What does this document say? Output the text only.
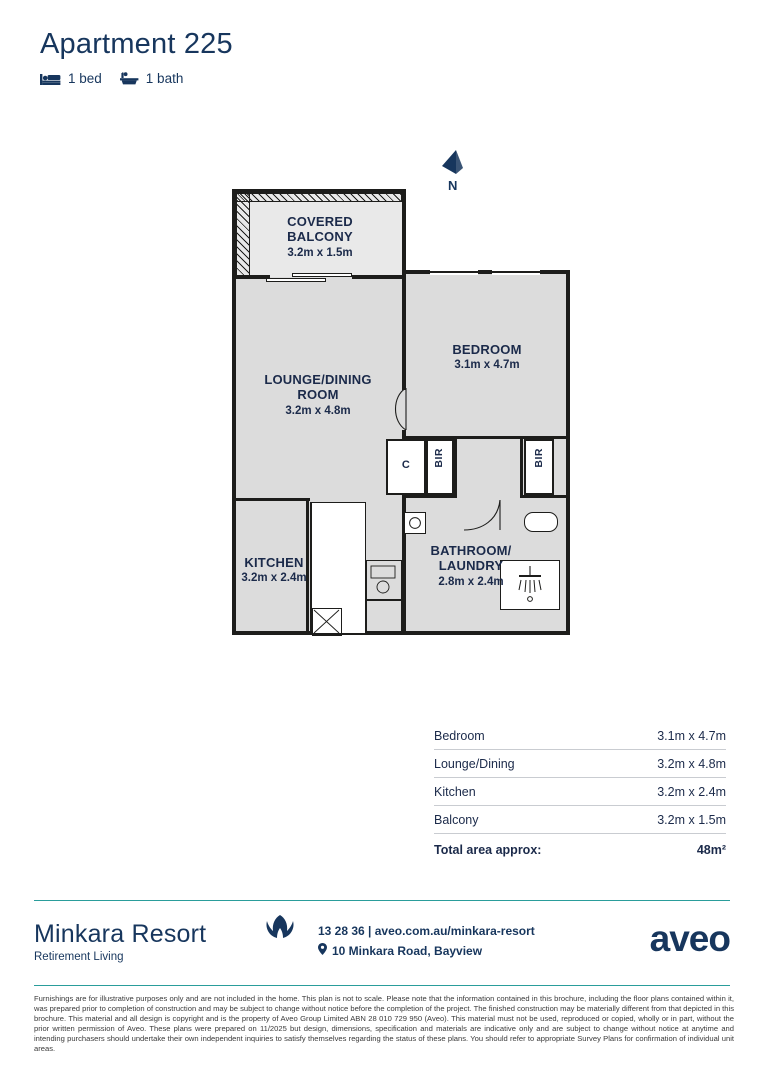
Apartment 225
1 bed	1 bath
N
C	BIR	BIR
COVERED
BALCONY
3.2m x 1.5m
BEDROOM
3.1m x 4.7m
LOUNGE/DINING
ROOM
3.2m x 4.8m
KITCHEN
3.2m x 2.4m
BATHROOM/
LAUNDRY
2.8m x 2.4m
Bedroom	3.1m x 4.7m
Lounge/Dining	3.2m x 4.8m
Kitchen	3.2m x 2.4m
Balcony	3.2m x 1.5m
Total area approx:	48m²
Minkara Resort
Retirement Living
13 28 36 | aveo.com.au/minkara-resort
10 Minkara Road, Bayview	aveo
Furnishings are for illustrative purposes only and are not included in the home. This plan is not to scale. Please note that the information contained in this brochure, including the floor plans contained within it, was prepared prior to completion of construction and may be subject to change without notice before the completion of the project. The finished construction may be materially different from that depicted in this brochure. This material and all design is copyright and is the property of Aveo Group Limited ABN 28 010 729 950 (Aveo). This material must not be used, reproduced or copied, wholly or in part, without the prior written permission of Aveo. These plans were prepared on 11/2025 but design, dimensions, specification and materials are indicative only and are subject to change without notice at anytime and intending purchasers should undertake their own independent inquiries to satisfy themselves regarding the status of these plans. You should refer to appropriate Survey Plans for confirmation of individual unit areas.
